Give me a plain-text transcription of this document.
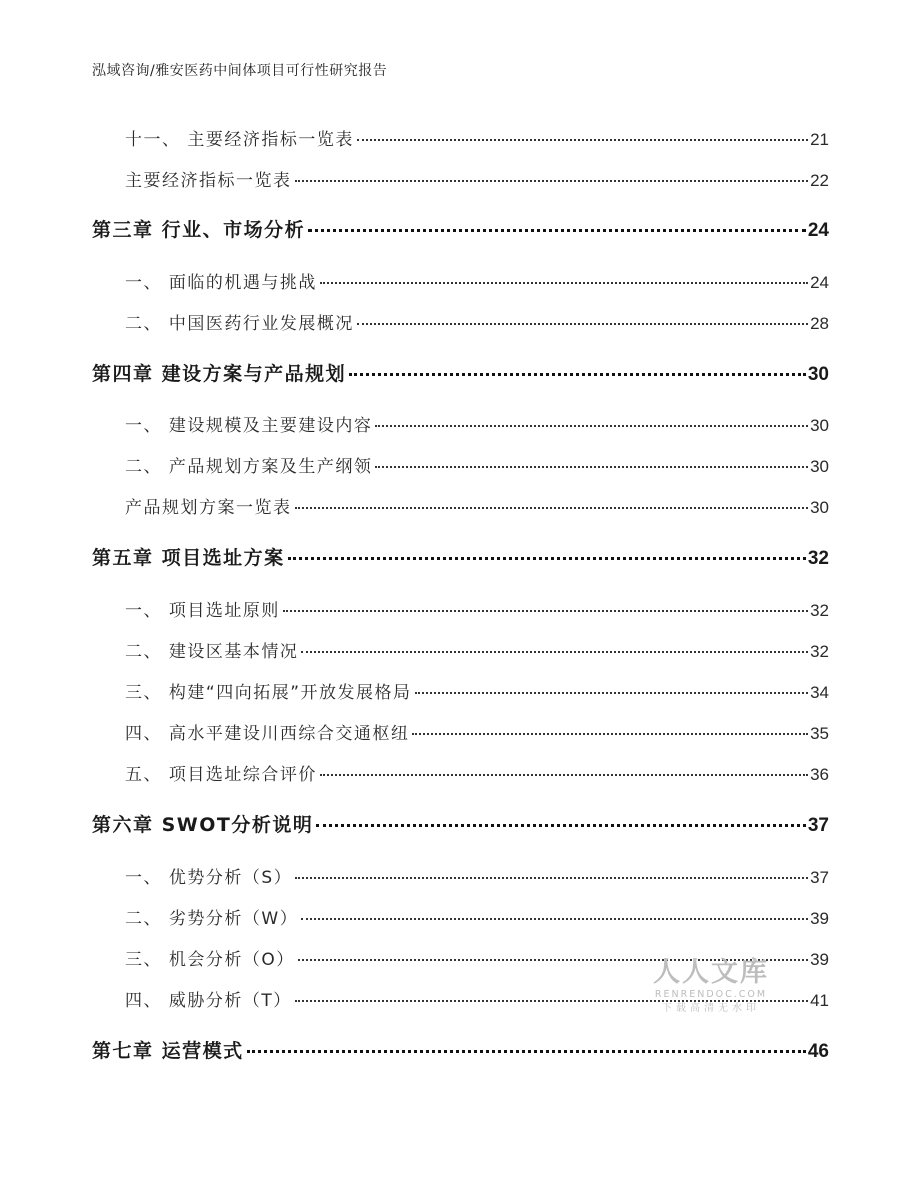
泓域咨询/雅安医药中间体项目可行性研究报告
十一、 主要经济指标一览表	21
主要经济指标一览表	22
第三章 行业、市场分析	24
一、 面临的机遇与挑战	24
二、 中国医药行业发展概况	28
第四章 建设方案与产品规划	30
一、 建设规模及主要建设内容	30
二、 产品规划方案及生产纲领	30
产品规划方案一览表	30
第五章 项目选址方案	32
一、 项目选址原则	32
二、 建设区基本情况	32
三、 构建“四向拓展”开放发展格局	34
四、 高水平建设川西综合交通枢纽	35
五、 项目选址综合评价	36
第六章 SWOT分析说明	37
一、 优势分析（S）	37
二、 劣势分析（W）	39
三、 机会分析（O）	39
四、 威胁分析（T）	41
第七章 运营模式	46
人人文库
RENRENDOC.COM
下载高清无水印
